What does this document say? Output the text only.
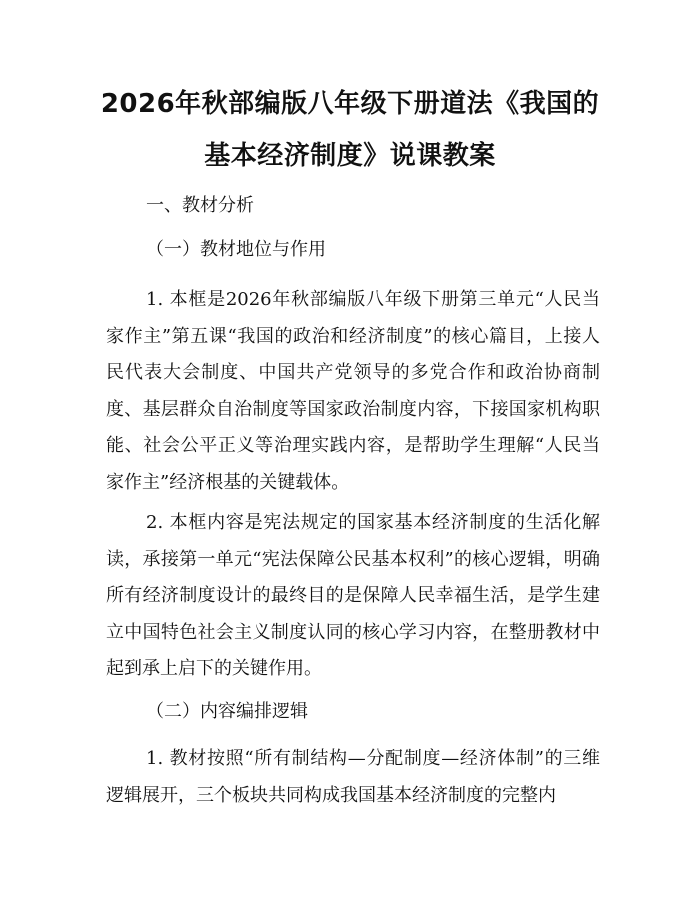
2026年秋部编版八年级下册道法《我国的基本经济制度》说课教案
一、教材分析
（一）教材地位与作用
1. 本框是2026年秋部编版八年级下册第三单元“人民当家作主”第五课“我国的政治和经济制度”的核心篇目，上接人民代表大会制度、中国共产党领导的多党合作和政治协商制度、基层群众自治制度等国家政治制度内容，下接国家机构职能、社会公平正义等治理实践内容，是帮助学生理解“人民当家作主”经济根基的关键载体。
2. 本框内容是宪法规定的国家基本经济制度的生活化解读，承接第一单元“宪法保障公民基本权利”的核心逻辑，明确所有经济制度设计的最终目的是保障人民幸福生活，是学生建立中国特色社会主义制度认同的核心学习内容，在整册教材中起到承上启下的关键作用。
（二）内容编排逻辑
1. 教材按照“所有制结构—分配制度—经济体制”的三维逻辑展开，三个板块共同构成我国基本经济制度的完整内
